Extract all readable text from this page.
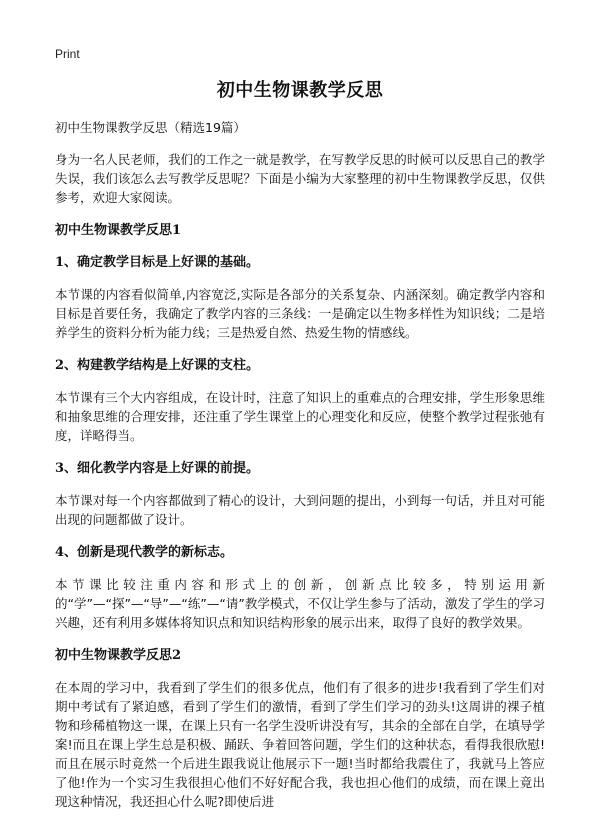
Print
初中生物课教学反思

初中生物课教学反思（精选19篇）

身为一名人民老师，我们的工作之一就是教学，在写教学反思的时候可以反思自己的教学失误，我们该怎么去写教学反思呢？下面是小编为大家整理的初中生物课教学反思，仅供参考，欢迎大家阅读。

初中生物课教学反思1
1、确定教学目标是上好课的基础。

本节课的内容看似简单,内容宽泛,实际是各部分的关系复杂、内涵深刻。确定教学内容和目标是首要任务，我确定了教学内容的三条线：一是确定以生物多样性为知识线；二是培养学生的资料分析为能力线；三是热爱自然、热爱生物的情感线。

2、构建教学结构是上好课的支柱。

本节课有三个大内容组成，在设计时，注意了知识上的重难点的合理安排，学生形象思维和抽象思维的合理安排，还注重了学生课堂上的心理变化和反应，使整个教学过程张弛有度，详略得当。

3、细化教学内容是上好课的前提。

本节课对每一个内容都做到了精心的设计，大到问题的提出，小到每一句话，并且对可能出现的问题都做了设计。

4、创新是现代教学的新标志。

本节课比较注重内容和形式上的创新，创新点比较多，特别运用新的“学”—“探”—“导”—“练”—“请”教学模式，不仅让学生参与了活动，激发了学生的学习兴趣，还有利用多媒体将知识点和知识结构形象的展示出来，取得了良好的教学效果。

初中生物课教学反思2

在本周的学习中，我看到了学生们的很多优点，他们有了很多的进步!我看到了学生们对期中考试有了紧迫感，看到了学生们的激情，看到了学生们学习的劲头!这周讲的裸子植物和珍稀植物这一课，在课上只有一名学生没听讲没有写，其余的全部在自学，在填导学案!而且在课上学生总是积极、踊跃、争着回答问题，学生们的这种状态，看得我很欣慰!而且在展示时竟然一个后进生跟我说让他展示下一题!当时都给我震住了，我就马上答应了他!作为一个实习生我很担心他们不好好配合我，我也担心他们的成绩，而在课上竟出现这种情况，我还担心什么呢?即使后进
